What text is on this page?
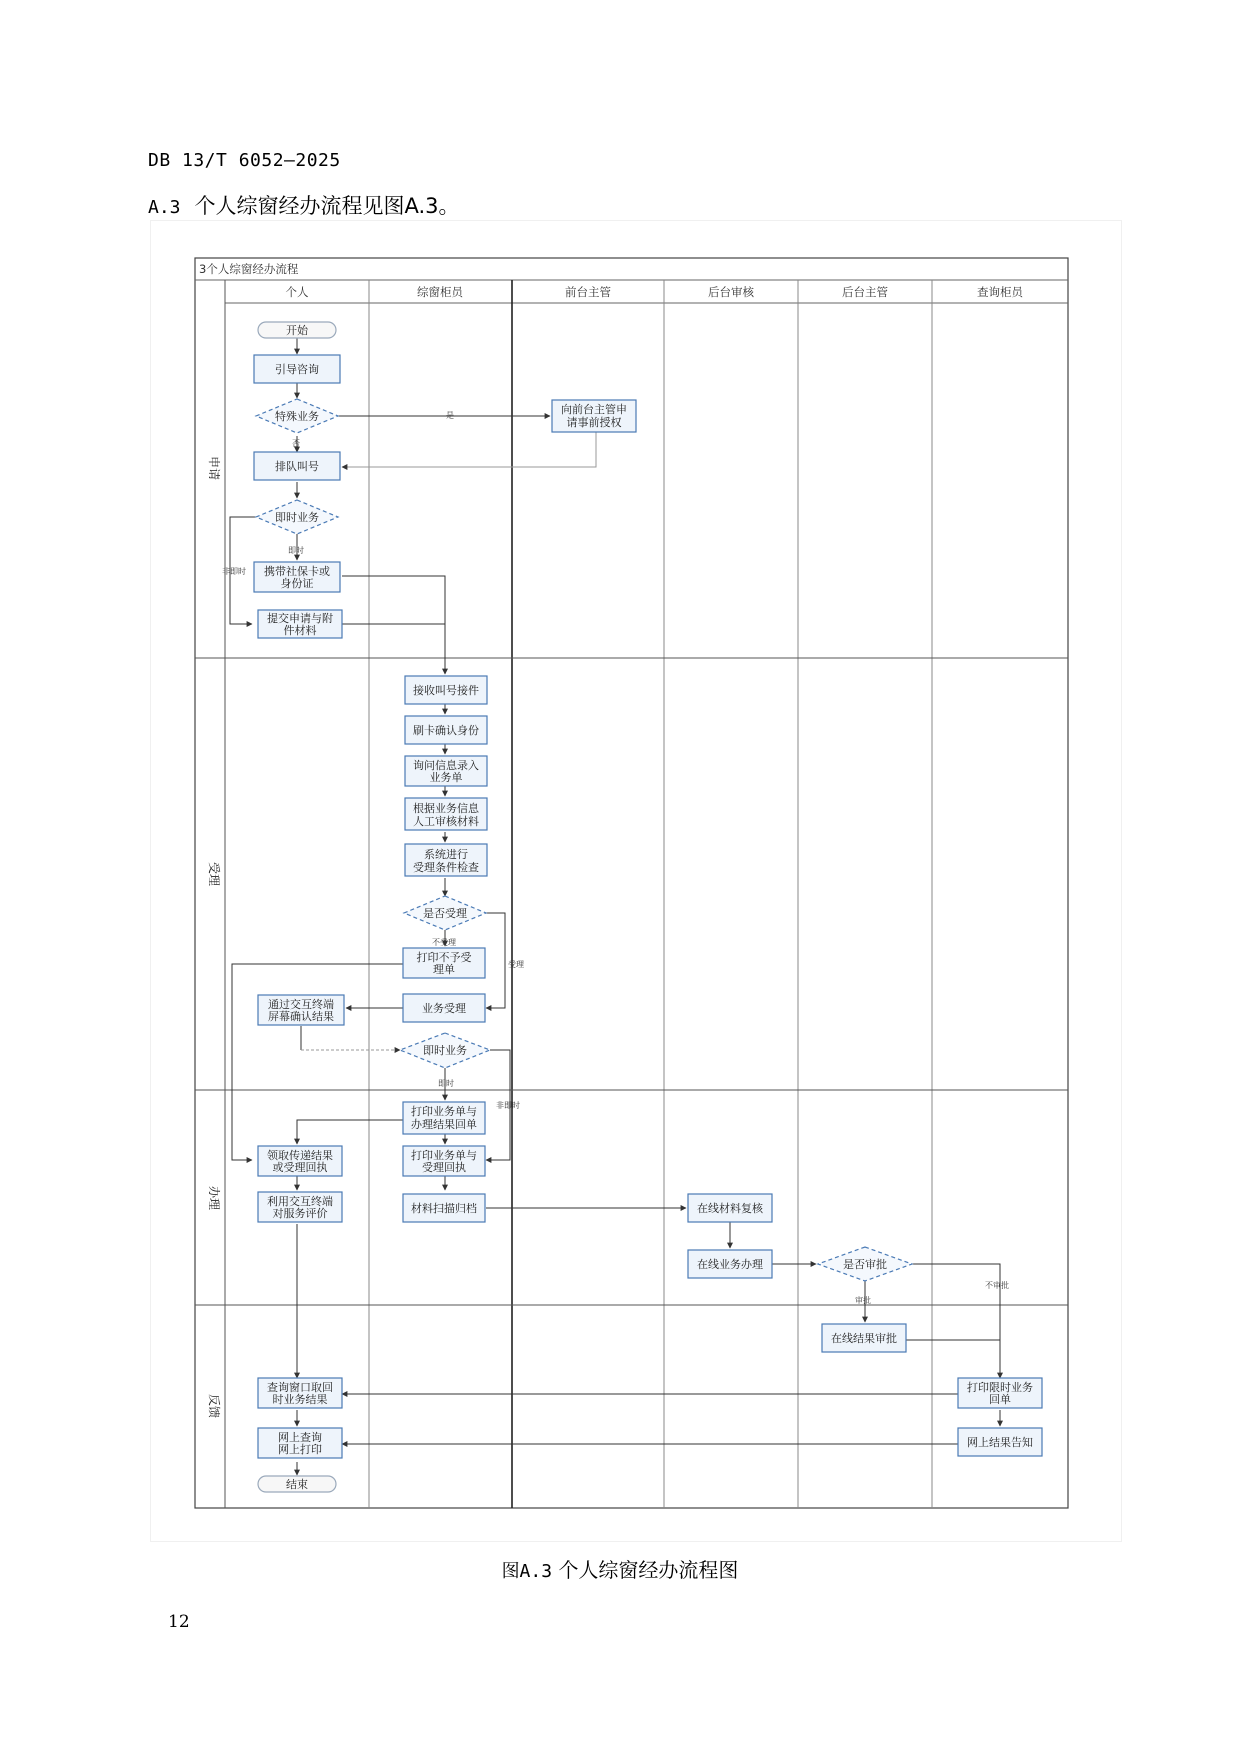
DB 13/T 6052—2025
A.3 个人综窗经办流程见图A.3。
3个人综窗经办流程
个人	综窗柜员	前台主管	后台审核	后台主管	查询柜员
申请
受理
办理
反馈
是
否
即时
非即时
不受理
受理
即时
非即时
审批
不审批
开始
引导咨询
特殊业务
向前台主管申
请事前授权
排队叫号
即时业务
携带社保卡或
身份证
提交申请与附
件材料
接收叫号接件
刷卡确认身份
询问信息录入
业务单
根据业务信息
人工审核材料
系统进行
受理条件检查
是否受理
打印不予受
理单
通过交互终端
屏幕确认结果
业务受理
即时业务
打印业务单与
办理结果回单
领取传递结果
或受理回执
打印业务单与
受理回执
利用交互终端
对服务评价	材料扫描归档	在线材料复核
在线业务办理	是否审批
在线结果审批
查询窗口取回
时业务结果
打印限时业务
回单
网上查询
网上打印
网上结果告知
结束
图A.3 个人综窗经办流程图
12
